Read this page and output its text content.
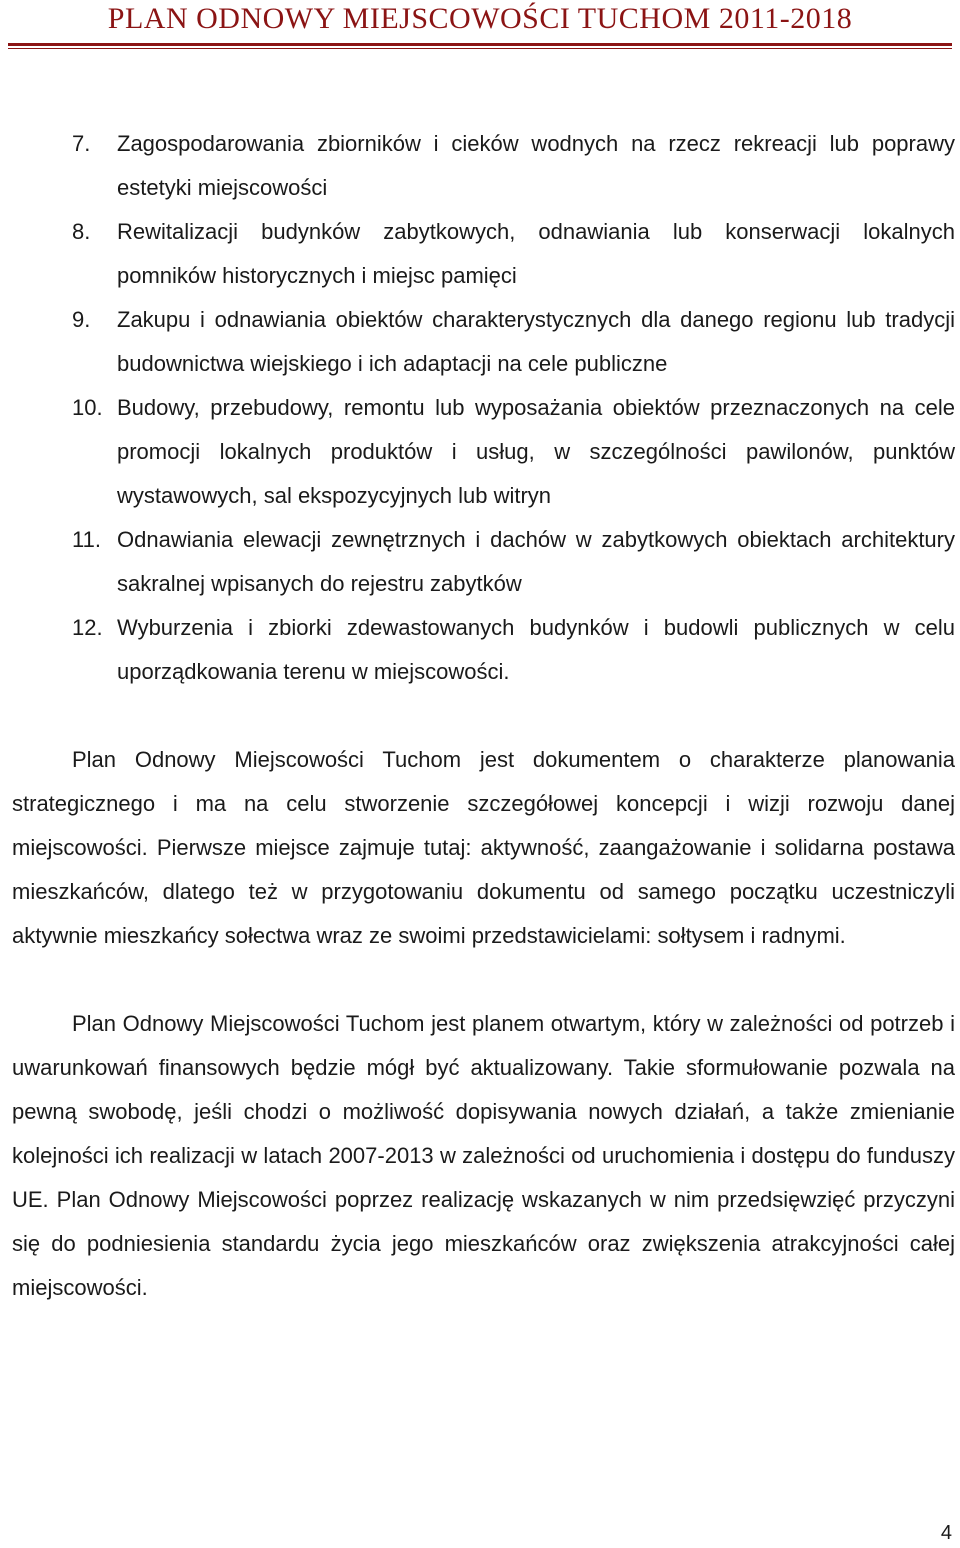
PLAN ODNOWY MIEJSCOWOŚCI TUCHOM 2011-2018
7. Zagospodarowania zbiorników i cieków wodnych na rzecz rekreacji lub poprawy estetyki miejscowości
8. Rewitalizacji budynków zabytkowych, odnawiania lub konserwacji lokalnych pomników historycznych i miejsc pamięci
9. Zakupu i odnawiania obiektów charakterystycznych dla danego regionu lub tradycji budownictwa wiejskiego i ich adaptacji na cele publiczne
10. Budowy, przebudowy, remontu lub wyposażania obiektów przeznaczonych na cele promocji lokalnych produktów i usług, w szczególności pawilonów, punktów wystawowych, sal ekspozycyjnych lub witryn
11. Odnawiania elewacji zewnętrznych i dachów w zabytkowych obiektach architektury sakralnej wpisanych do rejestru zabytków
12. Wyburzenia i zbiorki zdewastowanych budynków i budowli publicznych w celu uporządkowania terenu w miejscowości.

Plan Odnowy Miejscowości Tuchom jest dokumentem o charakterze planowania strategicznego i ma na celu stworzenie szczegółowej koncepcji i wizji rozwoju danej miejscowości. Pierwsze miejsce zajmuje tutaj: aktywność, zaangażowanie i solidarna postawa mieszkańców, dlatego też w przygotowaniu dokumentu od samego początku uczestniczyli aktywnie mieszkańcy sołectwa wraz ze swoimi przedstawicielami: sołtysem i radnymi.

Plan Odnowy Miejscowości Tuchom jest planem otwartym, który w zależności od potrzeb i uwarunkowań finansowych będzie mógł być aktualizowany. Takie sformułowanie pozwala na pewną swobodę, jeśli chodzi o możliwość dopisywania nowych działań, a także zmienianie kolejności ich realizacji w latach 2007-2013 w zależności od uruchomienia i dostępu do funduszy UE. Plan Odnowy Miejscowości poprzez realizację wskazanych w nim przedsięwzięć przyczyni się do podniesienia standardu życia jego mieszkańców oraz zwiększenia atrakcyjności całej miejscowości.

4
